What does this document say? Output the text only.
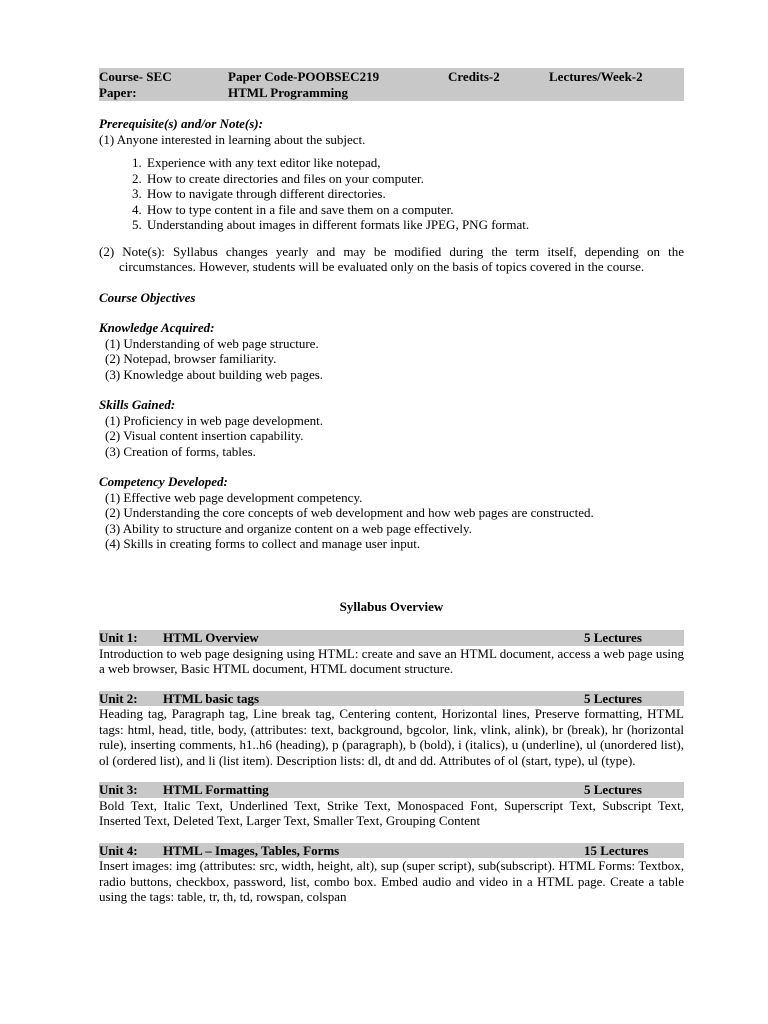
Course- SEC	Paper Code-POOBSEC219	Credits-2	Lectures/Week-2
Paper:	HTML Programming
Prerequisite(s) and/or Note(s):
(1) Anyone interested in learning about the subject.
1. Experience with any text editor like notepad,
2. How to create directories and files on your computer.
3. How to navigate through different directories.
4. How to type content in a file and save them on a computer.
5. Understanding about images in different formats like JPEG, PNG format.
(2) Note(s): Syllabus changes yearly and may be modified during the term itself, depending on the circumstances. However, students will be evaluated only on the basis of topics covered in the course.
Course Objectives
Knowledge Acquired:
(1) Understanding of web page structure.
(2) Notepad, browser familiarity.
(3) Knowledge about building web pages.
Skills Gained:
(1) Proficiency in web page development.
(2) Visual content insertion capability.
(3) Creation of forms, tables.
Competency Developed:
(1) Effective web page development competency.
(2) Understanding the core concepts of web development and how web pages are constructed.
(3) Ability to structure and organize content on a web page effectively.
(4) Skills in creating forms to collect and manage user input.
Syllabus Overview
Unit 1:	HTML Overview	5 Lectures
Introduction to web page designing using HTML: create and save an HTML document, access a web page using a web browser, Basic HTML document, HTML document structure.
Unit 2:	HTML basic tags	5 Lectures
Heading tag, Paragraph tag, Line break tag, Centering content, Horizontal lines, Preserve formatting, HTML tags: html, head, title, body, (attributes: text, background, bgcolor, link, vlink, alink), br (break), hr (horizontal rule), inserting comments, h1..h6 (heading), p (paragraph), b (bold), i (italics), u (underline), ul (unordered list), ol (ordered list), and li (list item). Description lists: dl, dt and dd. Attributes of ol (start, type), ul (type).
Unit 3:	HTML Formatting	5 Lectures
Bold Text, Italic Text, Underlined Text, Strike Text, Monospaced Font, Superscript Text, Subscript Text, Inserted Text, Deleted Text, Larger Text, Smaller Text, Grouping Content
Unit 4:	HTML – Images, Tables, Forms	15 Lectures
Insert images: img (attributes: src, width, height, alt), sup (super script), sub(subscript). HTML Forms: Textbox, radio buttons, checkbox, password, list, combo box. Embed audio and video in a HTML page. Create a table using the tags: table, tr, th, td, rowspan, colspan
